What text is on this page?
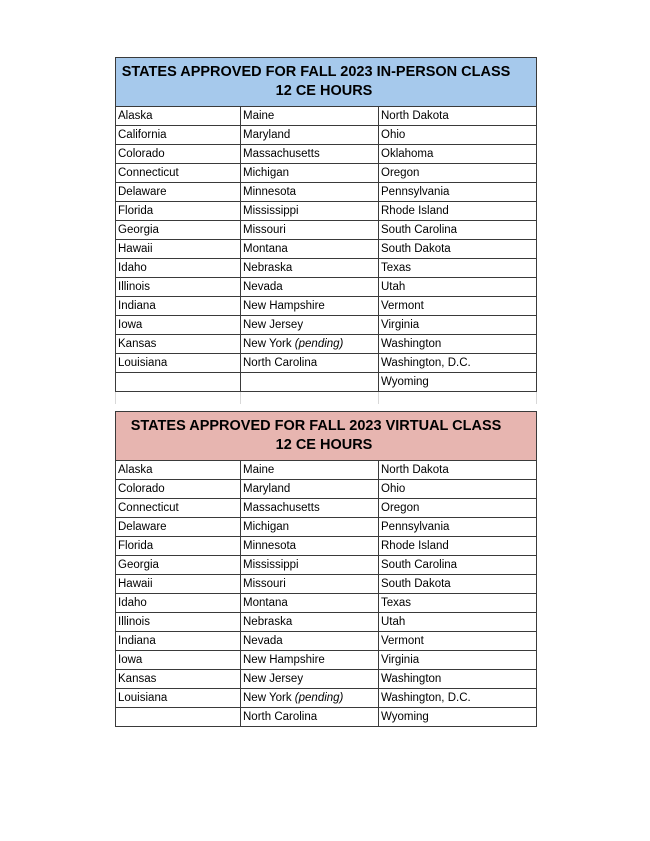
STATES APPROVED FOR FALL 2023 IN-PERSON CLASS
12 CE HOURS		

Alaska	Maine	North Dakota
California	Maryland	Ohio
Colorado	Massachusetts	Oklahoma
Connecticut	Michigan	Oregon
Delaware	Minnesota	Pennsylvania
Florida	Mississippi	Rhode Island
Georgia	Missouri	South Carolina
Hawaii	Montana	South Dakota
Idaho	Nebraska	Texas
Illinois	Nevada	Utah
Indiana	New Hampshire	Vermont
Iowa	New Jersey	Virginia
Kansas	New York (pending)	Washington
Louisiana	North Carolina	Washington, D.C.
		Wyoming

STATES APPROVED FOR FALL 2023 VIRTUAL CLASS
12 CE HOURS		

Alaska	Maine	North Dakota
Colorado	Maryland	Ohio
Connecticut	Massachusetts	Oregon
Delaware	Michigan	Pennsylvania
Florida	Minnesota	Rhode Island
Georgia	Mississippi	South Carolina
Hawaii	Missouri	South Dakota
Idaho	Montana	Texas
Illinois	Nebraska	Utah
Indiana	Nevada	Vermont
Iowa	New Hampshire	Virginia
Kansas	New Jersey	Washington
Louisiana	New York (pending)	Washington, D.C.
	North Carolina	Wyoming
